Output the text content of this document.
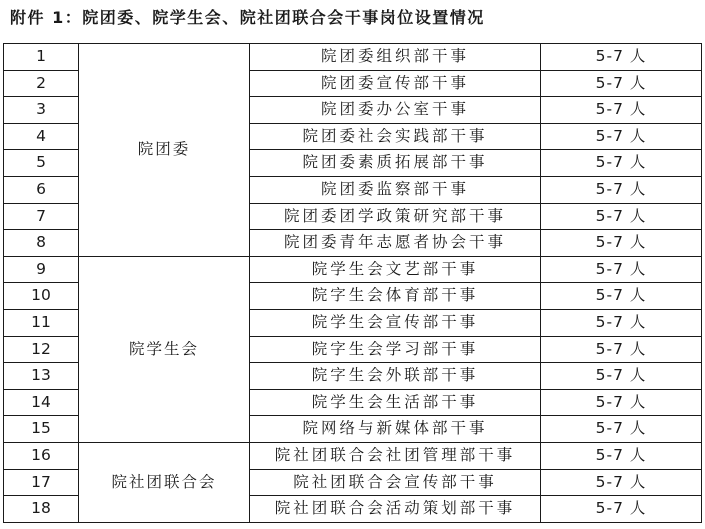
附件 1：院团委、院学生会、院社团联合会干事岗位设置情况
1	院团委	院团委组织部干事	5-7 人
2		院团委宣传部干事	5-7 人
3		院团委办公室干事	5-7 人
4		院团委社会实践部干事	5-7 人
5		院团委素质拓展部干事	5-7 人
6		院团委监察部干事	5-7 人
7		院团委团学政策研究部干事	5-7 人
8		院团委青年志愿者协会干事	5-7 人
9	院学生会	院学生会文艺部干事	5-7 人
10		院字生会体育部干事	5-7 人
11		院学生会宣传部干事	5-7 人
12		院字生会学习部干事	5-7 人
13		院字生会外联部干事	5-7 人
14		院学生会生活部干事	5-7 人
15		院网络与新媒体部干事	5-7 人
16	院社团联合会	院社团联合会社团管理部干事	5-7 人
17		院社团联合会宣传部干事	5-7 人
18		院社团联合会活动策划部干事	5-7 人
